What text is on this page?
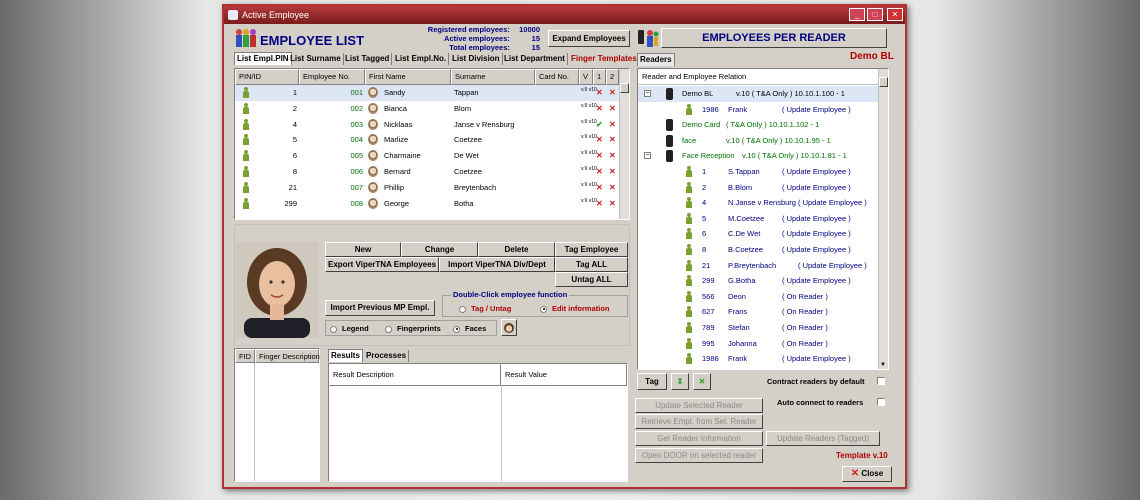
Active Employee	_	□	✕
EMPLOYEE LIST
Registered employees: 10000
Active employees:	15
Total employees:	15
Expand Employees	EMPLOYEES PER READER
Demo BL
List Empl.PIN List Surname List Tagged List Empl.No. List Division List Department Finger Templates
PIN/ID	Employee No.	First Name	Surname	Card No.	V	1	2
1	001	Sandy	Tappan	v.9 v10 ✕ ✕
2	002	Bianca	Blom	v.9 v10 ✕ ✕
4	003	Nicklaas	Janse v Rensburg	v.9 v10 ✔ ✕
5	004	Marlize	Coetzee	v.9 v10 ✕ ✕
6	005	Charmaine	De Wet	v.9 v10 ✕ ✕
8	006	Bernard	Coetzee	v.9 v10 ✕ ✕
21	007	Phillip	Breytenbach	v.9 v10 ✕ ✕
299	008	George	Botha	v.9 v10 ✕ ✕
New	Change	Delete	Tag Employee
Export ViperTNA Employees	Import ViperTNA Div/Dept	Tag ALL
Untag ALL
Import Previous MP Empl.
Double-Click employee function
Tag / Untag	Edit information
Legend	Fingerprints	Faces
FID	Finger Description	Results Processes
Result Description	Result Value
Readers
Reader and Employee Relation
−	Demo BL	v.10 ( T&A Only ) 10.10.1.100 - 1
1986 Frank	( Update Employee )
Demo Card ( T&A Only ) 10.10.1.102 - 1
face	v.10 ( T&A Only ) 10.10.1.95 - 1
−	Face Reception v.10 ( T&A Only ) 10.10.1.81 - 1
1	S.Tappan	( Update Employee )
2	B.Blom	( Update Employee )
4	N.Janse v Rensburg ( Update Employee )
5	M.Coetzee ( Update Employee )
6	C.De Wet	( Update Employee )
8	B.Coetzee	( Update Employee )
21 P.Breytenbach	( Update Employee )
299 G.Botha	( Update Employee )
566 Deon	( On Reader )
627 Frans	( On Reader )
789 Stefan	( On Reader )
995 Johanna	( On Reader )
1986 Frank	( Update Employee )
▼
Tag	⇕	✕	Contract readers by default
Auto connect to readers
Update Selected Reader
Retrieve Empl. from Sel. Reader
Get Reader Information
Open DOOR on selected reader
Update Readers (Tagged)
Template v.10
✕ Close
